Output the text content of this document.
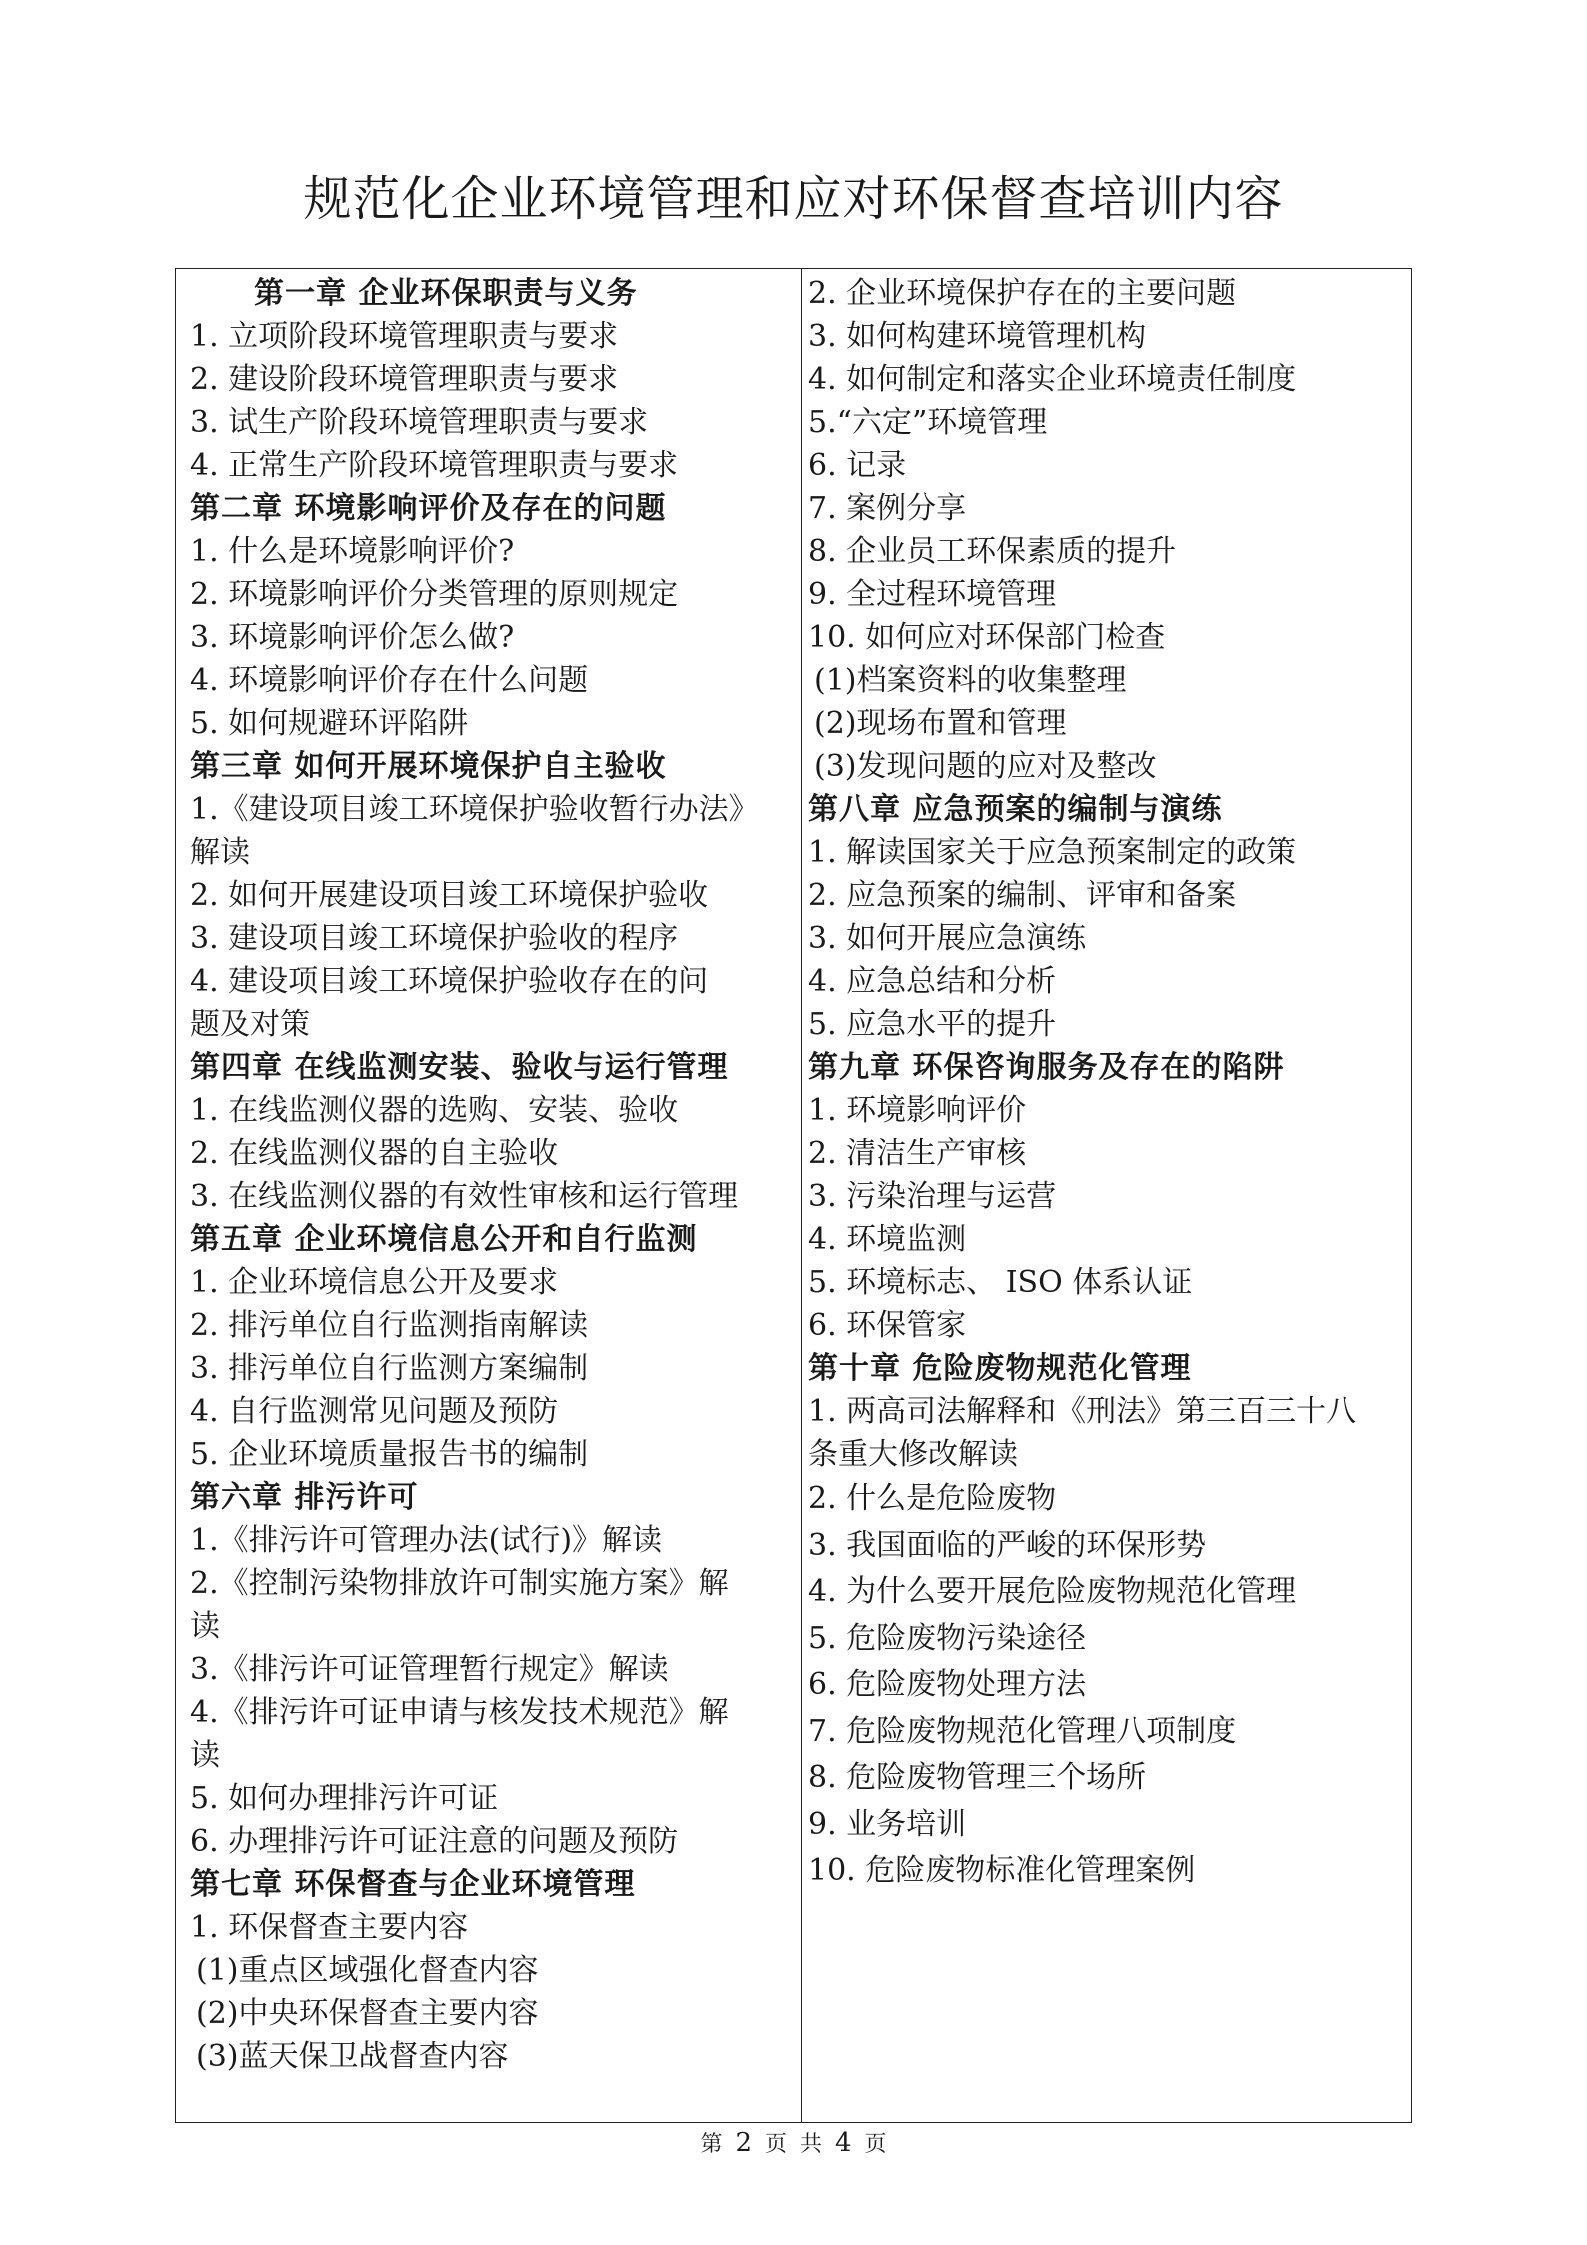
规范化企业环境管理和应对环保督查培训内容

第一章 企业环保职责与义务

1. 立项阶段环境管理职责与要求

2. 建设阶段环境管理职责与要求

3. 试生产阶段环境管理职责与要求

4. 正常生产阶段环境管理职责与要求

第二章 环境影响评价及存在的问题

1. 什么是环境影响评价?

2. 环境影响评价分类管理的原则规定

3. 环境影响评价怎么做?

4. 环境影响评价存在什么问题

5. 如何规避环评陷阱

第三章 如何开展环境保护自主验收

1.《建设项目竣工环境保护验收暂行办法》

解读

2. 如何开展建设项目竣工环境保护验收

3. 建设项目竣工环境保护验收的程序

4. 建设项目竣工环境保护验收存在的问

题及对策

第四章 在线监测安装、验收与运行管理

1. 在线监测仪器的选购、安装、验收

2. 在线监测仪器的自主验收

3. 在线监测仪器的有效性审核和运行管理

第五章 企业环境信息公开和自行监测

1. 企业环境信息公开及要求

2. 排污单位自行监测指南解读

3. 排污单位自行监测方案编制

4. 自行监测常见问题及预防

5. 企业环境质量报告书的编制

第六章 排污许可

1.《排污许可管理办法(试行)》解读

2.《控制污染物排放许可制实施方案》解

读

3.《排污许可证管理暂行规定》解读

4.《排污许可证申请与核发技术规范》解

读

5. 如何办理排污许可证

6. 办理排污许可证注意的问题及预防

第七章 环保督查与企业环境管理

1. 环保督查主要内容

(1)重点区域强化督查内容

(2)中央环保督查主要内容

(3)蓝天保卫战督查内容

2. 企业环境保护存在的主要问题

3. 如何构建环境管理机构

4. 如何制定和落实企业环境责任制度

5.“六定”环境管理

6. 记录

7. 案例分享

8. 企业员工环保素质的提升

9. 全过程环境管理

10. 如何应对环保部门检查

(1)档案资料的收集整理

(2)现场布置和管理

(3)发现问题的应对及整改

第八章 应急预案的编制与演练

1. 解读国家关于应急预案制定的政策

2. 应急预案的编制、评审和备案

3. 如何开展应急演练

4. 应急总结和分析

5. 应急水平的提升

第九章 环保咨询服务及存在的陷阱

1. 环境影响评价

2. 清洁生产审核

3. 污染治理与运营

4. 环境监测

5. 环境标志、 ISO 体系认证

6. 环保管家

第十章 危险废物规范化管理

1. 两高司法解释和《刑法》第三百三十八

条重大修改解读

2. 什么是危险废物

3. 我国面临的严峻的环保形势

4. 为什么要开展危险废物规范化管理

5. 危险废物污染途径

6. 危险废物处理方法

7. 危险废物规范化管理八项制度

8. 危险废物管理三个场所

9. 业务培训

10. 危险废物标准化管理案例

第 2 页 共 4 页
